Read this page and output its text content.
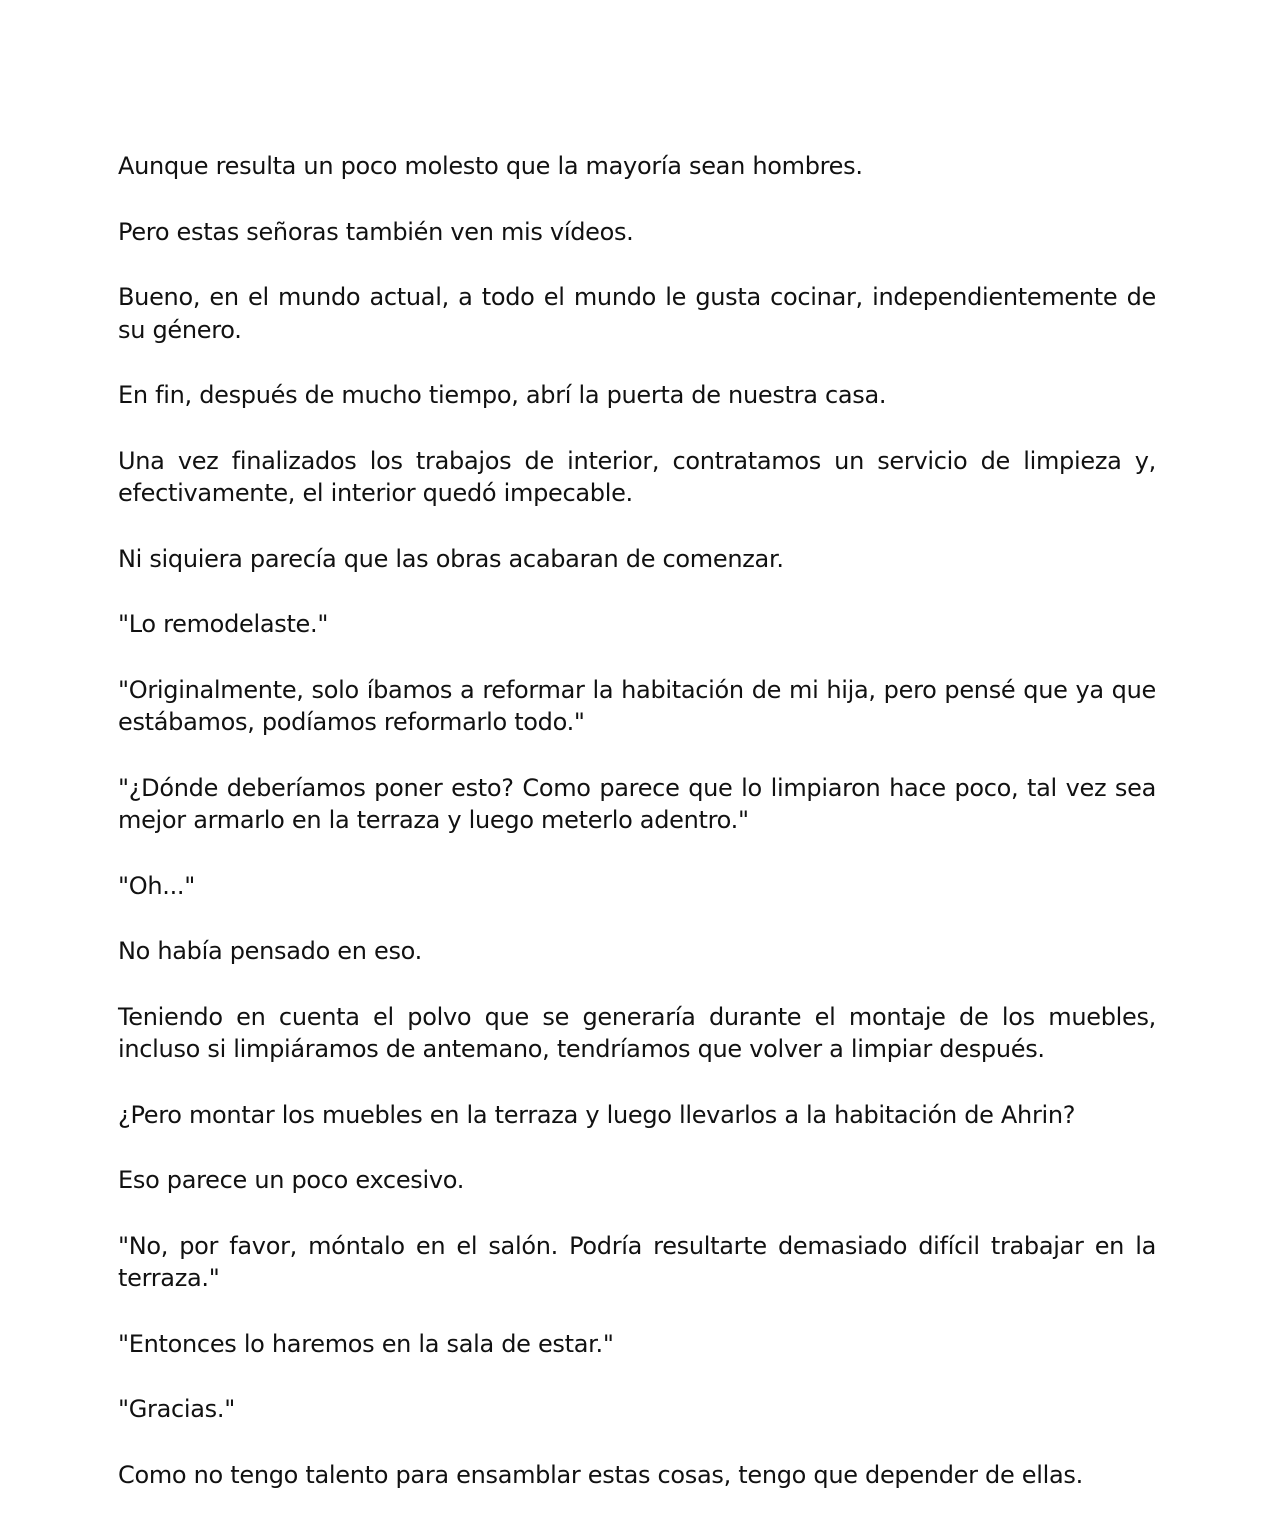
Aunque resulta un poco molesto que la mayoría sean hombres.

Pero estas señoras también ven mis vídeos.

Bueno, en el mundo actual, a todo el mundo le gusta cocinar, independientemente de su género.

En fin, después de mucho tiempo, abrí la puerta de nuestra casa.

Una vez finalizados los trabajos de interior, contratamos un servicio de limpieza y, efectivamente, el interior quedó impecable.

Ni siquiera parecía que las obras acabaran de comenzar.

"Lo remodelaste."

"Originalmente, solo íbamos a reformar la habitación de mi hija, pero pensé que ya que estábamos, podíamos reformarlo todo."

"¿Dónde deberíamos poner esto? Como parece que lo limpiaron hace poco, tal vez sea mejor armarlo en la terraza y luego meterlo adentro."

"Oh..."

No había pensado en eso.

Teniendo en cuenta el polvo que se generaría durante el montaje de los muebles, incluso si limpiáramos de antemano, tendríamos que volver a limpiar después.

¿Pero montar los muebles en la terraza y luego llevarlos a la habitación de Ahrin?

Eso parece un poco excesivo.

"No, por favor, móntalo en el salón. Podría resultarte demasiado difícil trabajar en la terraza."

"Entonces lo haremos en la sala de estar."

"Gracias."

Como no tengo talento para ensamblar estas cosas, tengo que depender de ellas.
